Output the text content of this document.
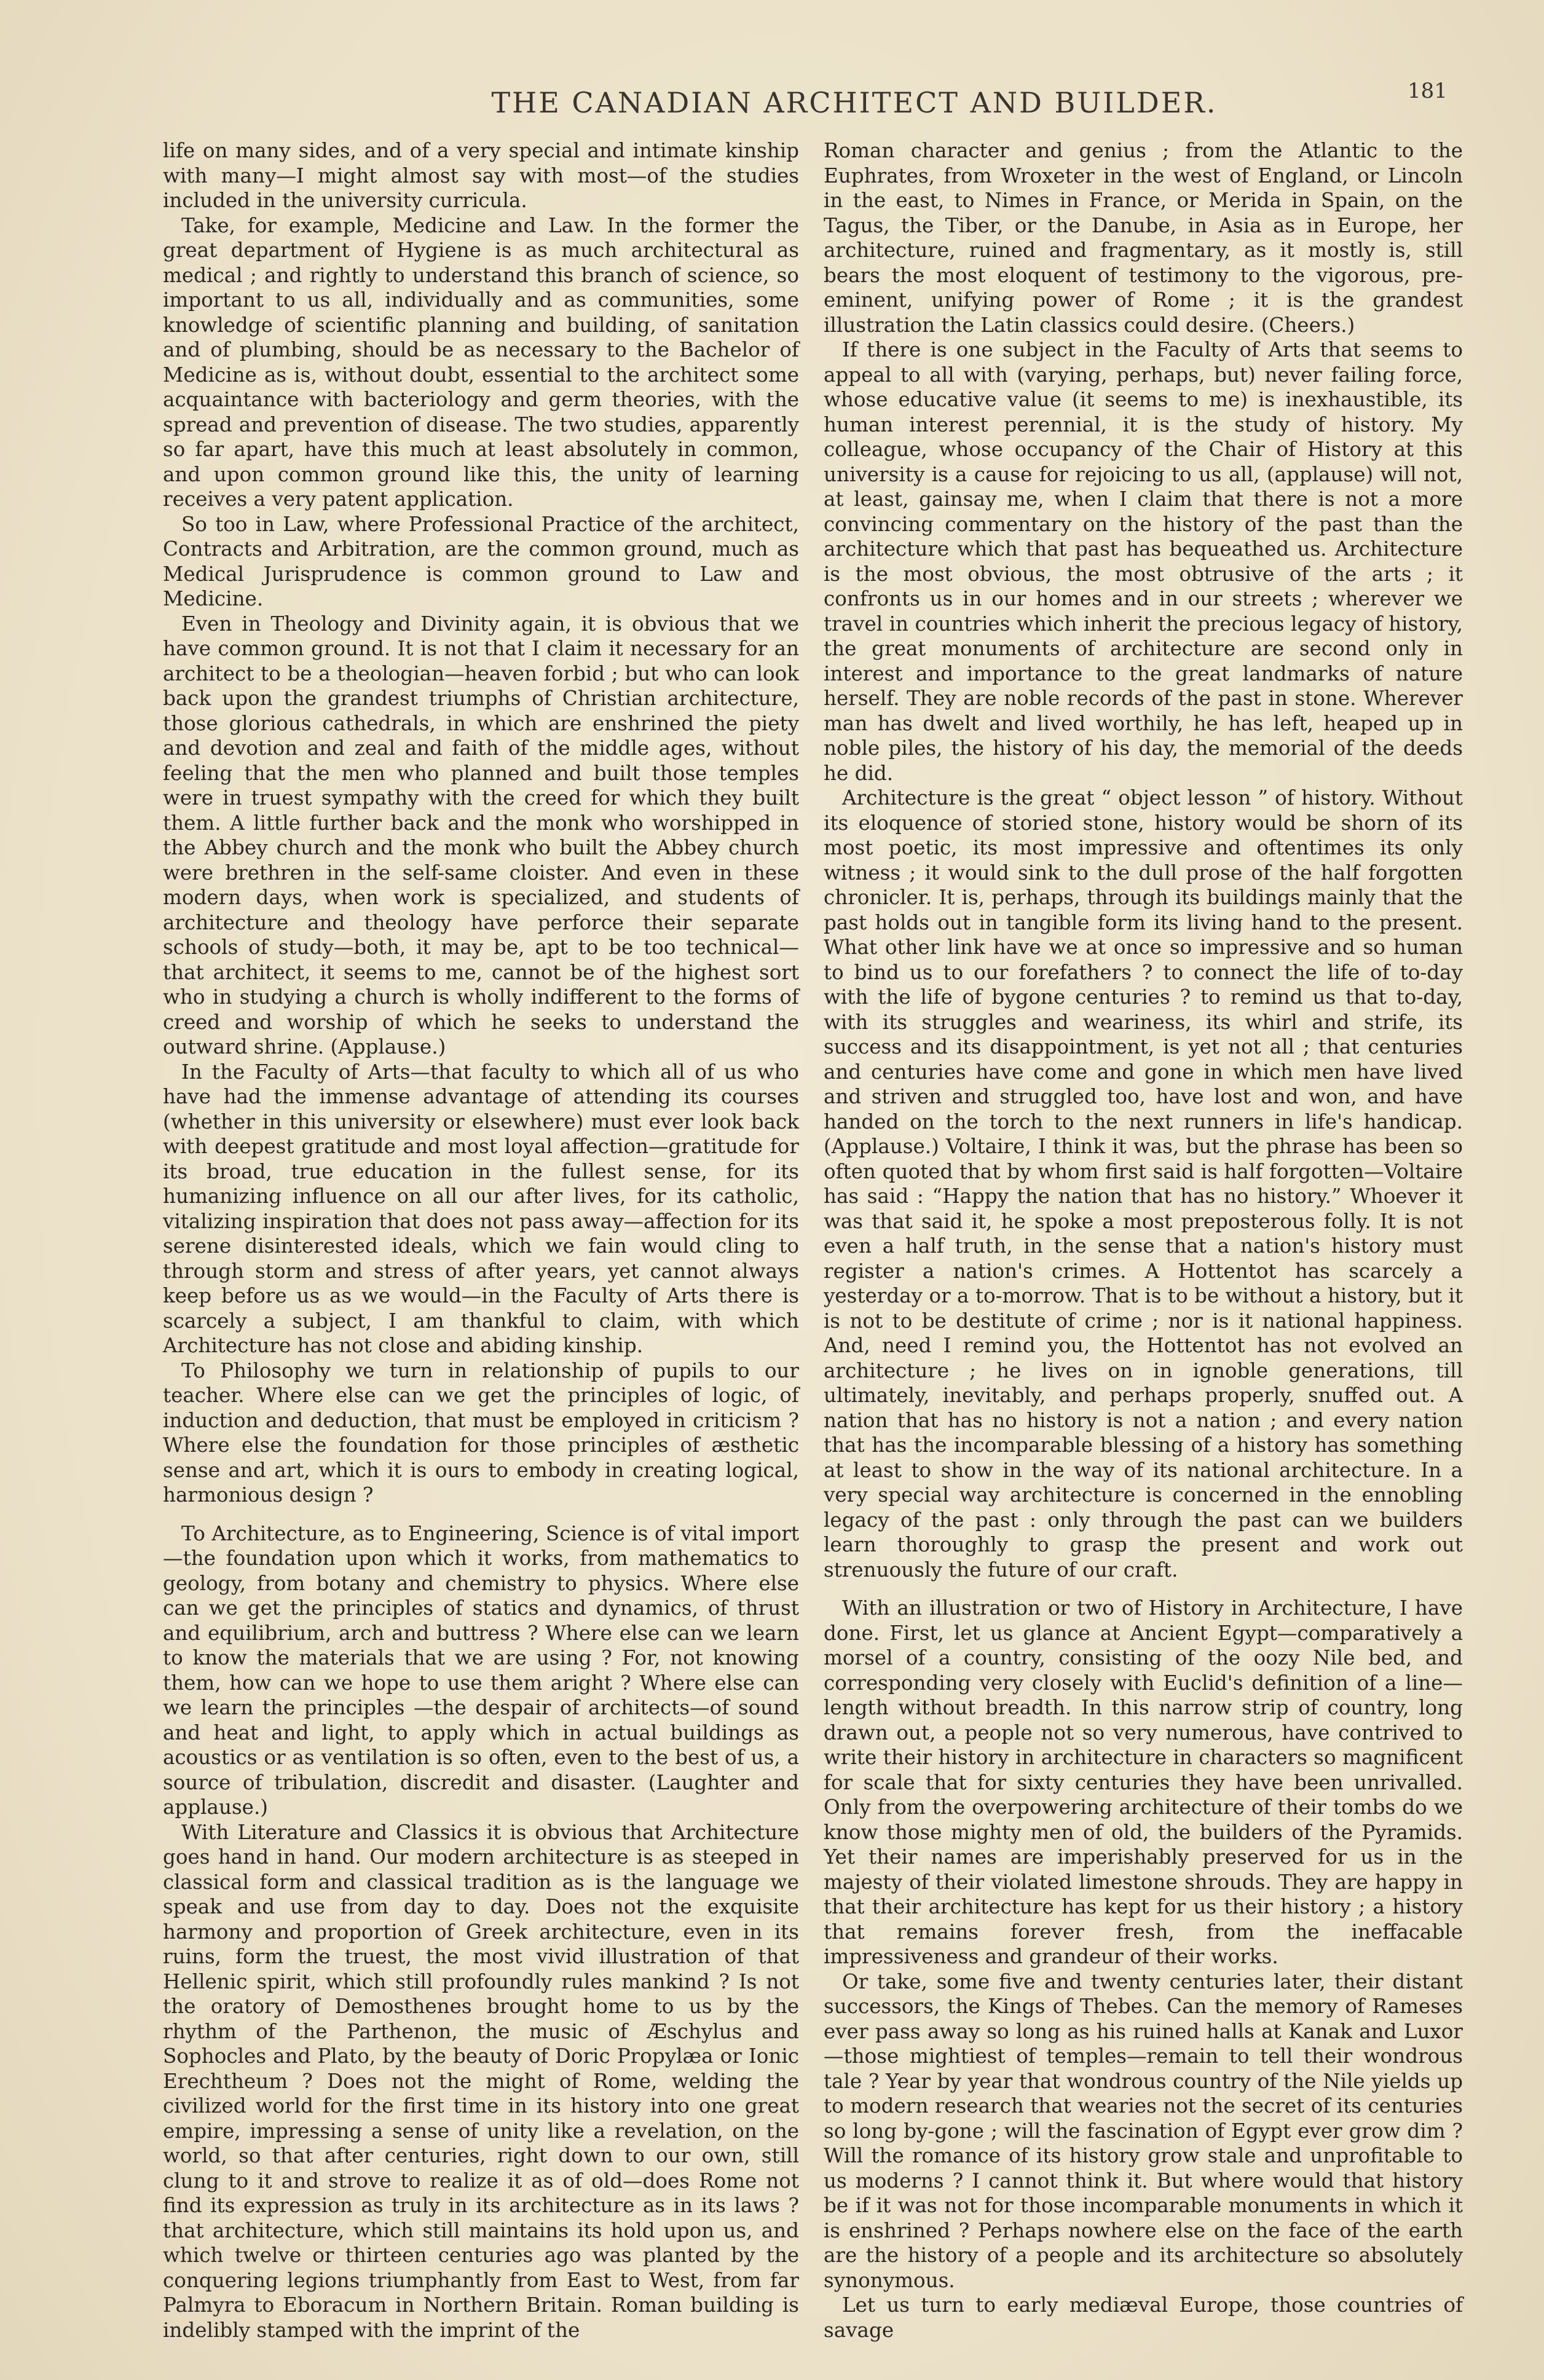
THE CANADIAN ARCHITECT AND BUILDER.	181

life on many sides, and of a very special and intimate kinship with many—I might almost say with most—of the studies included in the university curricula.

Take, for example, Medicine and Law. In the former the great department of Hygiene is as much architectural as medical ; and rightly to understand this branch of science, so important to us all, individually and as communities, some knowledge of scientific planning and building, of sanitation and of plumbing, should be as necessary to the Bachelor of Medicine as is, without doubt, essential to the architect some acquaintance with bacteriology and germ theories, with the spread and prevention of disease. The two studies, apparently so far apart, have this much at least absolutely in common, and upon common ground like this, the unity of learning receives a very patent application.

So too in Law, where Professional Practice of the architect, Contracts and Arbitration, are the common ground, much as Medical Jurisprudence is common ground to Law and Medicine.

Even in Theology and Divinity again, it is obvious that we have common ground. It is not that I claim it necessary for an architect to be a theologian—heaven forbid ; but who can look back upon the grandest triumphs of Christian architecture, those glorious cathedrals, in which are enshrined the piety and devotion and zeal and faith of the middle ages, without feeling that the men who planned and built those temples were in truest sympathy with the creed for which they built them. A little further back and the monk who worshipped in the Abbey church and the monk who built the Abbey church were brethren in the self-same cloister. And even in these modern days, when work is specialized, and students of architecture and theology have perforce their separate schools of study—both, it may be, apt to be too technical—that architect, it seems to me, cannot be of the highest sort who in studying a church is wholly indifferent to the forms of creed and worship of which he seeks to understand the outward shrine. (Applause.)

In the Faculty of Arts—that faculty to which all of us who have had the immense advantage of attending its courses (whether in this university or elsewhere) must ever look back with deepest gratitude and most loyal affection—gratitude for its broad, true education in the fullest sense, for its humanizing influence on all our after lives, for its catholic, vitalizing inspiration that does not pass away—affection for its serene disinterested ideals, which we fain would cling to through storm and stress of after years, yet cannot always keep before us as we would—in the Faculty of Arts there is scarcely a subject, I am thankful to claim, with which Architecture has not close and abiding kinship.

To Philosophy we turn in relationship of pupils to our teacher. Where else can we get the principles of logic, of induction and deduction, that must be employed in criticism ? Where else the foundation for those principles of æsthetic sense and art, which it is ours to embody in creating logical, harmonious design ?

To Architecture, as to Engineering, Science is of vital import—the foundation upon which it works, from mathematics to geology, from botany and chemistry to physics. Where else can we get the principles of statics and dynamics, of thrust and equilibrium, arch and buttress ? Where else can we learn to know the materials that we are using ? For, not knowing them, how can we hope to use them aright ? Where else can we learn the principles —the despair of architects—of sound and heat and light, to apply which in actual buildings as acoustics or as ventilation is so often, even to the best of us, a source of tribulation, discredit and disaster. (Laughter and applause.)

With Literature and Classics it is obvious that Architecture goes hand in hand. Our modern architecture is as steeped in classical form and classical tradition as is the language we speak and use from day to day. Does not the exquisite harmony and proportion of Greek architecture, even in its ruins, form the truest, the most vivid illustration of that Hellenic spirit, which still profoundly rules mankind ? Is not the oratory of Demosthenes brought home to us by the rhythm of the Parthenon, the music of Æschylus and Sophocles and Plato, by the beauty of Doric Propylæa or Ionic Erechtheum ? Does not the might of Rome, welding the civilized world for the first time in its history into one great empire, impressing a sense of unity like a revelation, on the world, so that after centuries, right down to our own, still clung to it and strove to realize it as of old—does Rome not find its expression as truly in its architecture as in its laws ? that architecture, which still maintains its hold upon us, and which twelve or thirteen centuries ago was planted by the conquering legions triumphantly from East to West, from far Palmyra to Eboracum in Northern Britain. Roman building is indelibly stamped with the imprint of the

Roman character and genius ; from the Atlantic to the Euphrates, from Wroxeter in the west of England, or Lincoln in the east, to Nimes in France, or Merida in Spain, on the Tagus, the Tiber, or the Danube, in Asia as in Europe, her architecture, ruined and fragmentary, as it mostly is, still bears the most eloquent of testimony to the vigorous, pre-eminent, unifying power of Rome ; it is the grandest illustration the Latin classics could desire. (Cheers.)

If there is one subject in the Faculty of Arts that seems to appeal to all with (varying, perhaps, but) never failing force, whose educative value (it seems to me) is inexhaustible, its human interest perennial, it is the study of history. My colleague, whose occupancy of the Chair of History at this university is a cause for rejoicing to us all, (applause) will not, at least, gainsay me, when I claim that there is not a more convincing commentary on the history of the past than the architecture which that past has bequeathed us. Architecture is the most obvious, the most obtrusive of the arts ; it confronts us in our homes and in our streets ; wherever we travel in countries which inherit the precious legacy of history, the great monuments of architecture are second only in interest and importance to the great landmarks of nature herself. They are noble records of the past in stone. Wherever man has dwelt and lived worthily, he has left, heaped up in noble piles, the history of his day, the memorial of the deeds he did.

Architecture is the great “ object lesson ” of history. Without its eloquence of storied stone, history would be shorn of its most poetic, its most impressive and oftentimes its only witness ; it would sink to the dull prose of the half forgotten chronicler. It is, perhaps, through its buildings mainly that the past holds out in tangible form its living hand to the present. What other link have we at once so impressive and so human to bind us to our forefathers ? to connect the life of to-day with the life of bygone centuries ? to remind us that to-day, with its struggles and weariness, its whirl and strife, its success and its disappointment, is yet not all ; that centuries and centuries have come and gone in which men have lived and striven and struggled too, have lost and won, and have handed on the torch to the next runners in life's handicap. (Applause.) Voltaire, I think it was, but the phrase has been so often quoted that by whom first said is half forgotten—Voltaire has said : “Happy the nation that has no history.” Whoever it was that said it, he spoke a most preposterous folly. It is not even a half truth, in the sense that a nation's history must register a nation's crimes. A Hottentot has scarcely a yesterday or a to-morrow. That is to be without a history, but it is not to be destitute of crime ; nor is it national happiness. And, need I remind you, the Hottentot has not evolved an architecture ; he lives on in ignoble generations, till ultimately, inevitably, and perhaps properly, snuffed out. A nation that has no history is not a nation ; and every nation that has the incomparable blessing of a history has something at least to show in the way of its national architecture. In a very special way architecture is concerned in the ennobling legacy of the past : only through the past can we builders learn thoroughly to grasp the present and work out strenuously the future of our craft.

With an illustration or two of History in Architecture, I have done. First, let us glance at Ancient Egypt—comparatively a morsel of a country, consisting of the oozy Nile bed, and corresponding very closely with Euclid's definition of a line—length without breadth. In this narrow strip of country, long drawn out, a people not so very numerous, have contrived to write their history in architecture in characters so magnificent for scale that for sixty centuries they have been unrivalled. Only from the overpowering architecture of their tombs do we know those mighty men of old, the builders of the Pyramids. Yet their names are imperishably preserved for us in the majesty of their violated limestone shrouds. They are happy in that their architecture has kept for us their history ; a history that remains forever fresh, from the ineffacable impressiveness and grandeur of their works.

Or take, some five and twenty centuries later, their distant successors, the Kings of Thebes. Can the memory of Rameses ever pass away so long as his ruined halls at Kanak and Luxor —those mightiest of temples—remain to tell their wondrous tale ? Year by year that wondrous country of the Nile yields up to modern research that wearies not the secret of its centuries so long by-gone ; will the fascination of Egypt ever grow dim ? Will the romance of its history grow stale and unprofitable to us moderns ? I cannot think it. But where would that history be if it was not for those incomparable monuments in which it is enshrined ? Perhaps nowhere else on the face of the earth are the history of a people and its architecture so absolutely synonymous.

Let us turn to early mediæval Europe, those countries of savage
